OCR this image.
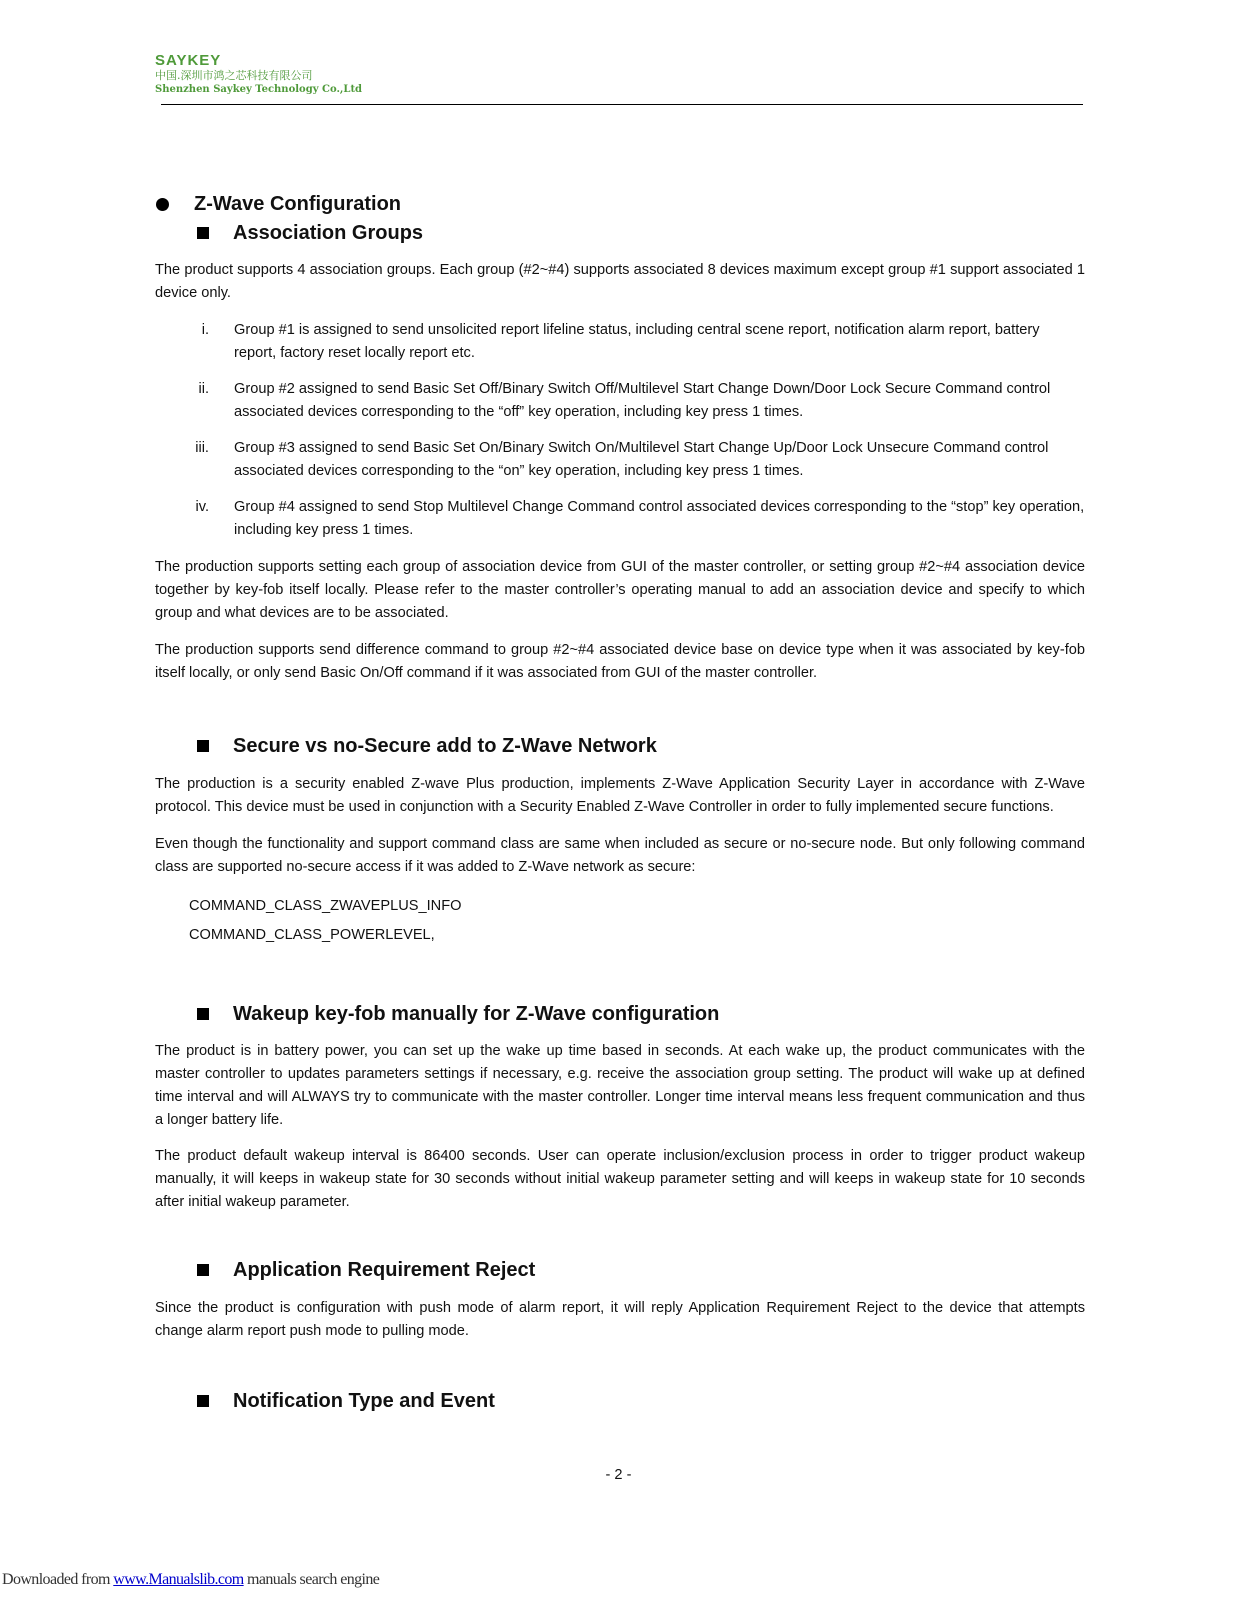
SAYKEY
中国.深圳市鸿之芯科技有限公司
Shenzhen Saykey Technology Co.,Ltd
Z-Wave Configuration
Association Groups

The product supports 4 association groups. Each group (#2~#4) supports associated 8 devices maximum except group #1 support associated 1 device only.

i. Group #1 is assigned to send unsolicited report lifeline status, including central scene report, notification alarm report, battery report, factory reset locally report etc.
ii. Group #2 assigned to send Basic Set Off/Binary Switch Off/Multilevel Start Change Down/Door Lock Secure Command control associated devices corresponding to the “off” key operation, including key press 1 times.
iii. Group #3 assigned to send Basic Set On/Binary Switch On/Multilevel Start Change Up/Door Lock Unsecure Command control associated devices corresponding to the “on” key operation, including key press 1 times.
iv. Group #4 assigned to send Stop Multilevel Change Command control associated devices corresponding to the “stop” key operation, including key press 1 times.

The production supports setting each group of association device from GUI of the master controller, or setting group #2~#4 association device together by key-fob itself locally. Please refer to the master controller’s operating manual to add an association device and specify to which group and what devices are to be associated.

The production supports send difference command to group #2~#4 associated device base on device type when it was associated by key-fob itself locally, or only send Basic On/Off command if it was associated from GUI of the master controller.

Secure vs no-Secure add to Z-Wave Network

The production is a security enabled Z-wave Plus production, implements Z-Wave Application Security Layer in accordance with Z-Wave protocol. This device must be used in conjunction with a Security Enabled Z-Wave Controller in order to fully implemented secure functions.

Even though the functionality and support command class are same when included as secure or no-secure node. But only following command class are supported no-secure access if it was added to Z-Wave network as secure:

COMMAND_CLASS_ZWAVEPLUS_INFO

COMMAND_CLASS_POWERLEVEL,

Wakeup key-fob manually for Z-Wave configuration

The product is in battery power, you can set up the wake up time based in seconds. At each wake up, the product communicates with the master controller to updates parameters settings if necessary, e.g. receive the association group setting. The product will wake up at defined time interval and will ALWAYS try to communicate with the master controller. Longer time interval means less frequent communication and thus a longer battery life.

The product default wakeup interval is 86400 seconds. User can operate inclusion/exclusion process in order to trigger product wakeup manually, it will keeps in wakeup state for 30 seconds without initial wakeup parameter setting and will keeps in wakeup state for 10 seconds after initial wakeup parameter.

Application Requirement Reject

Since the product is configuration with push mode of alarm report, it will reply Application Requirement Reject to the device that attempts change alarm report push mode to pulling mode.

Notification Type and Event
- 2 -
Downloaded from www.Manualslib.com manuals search engine
